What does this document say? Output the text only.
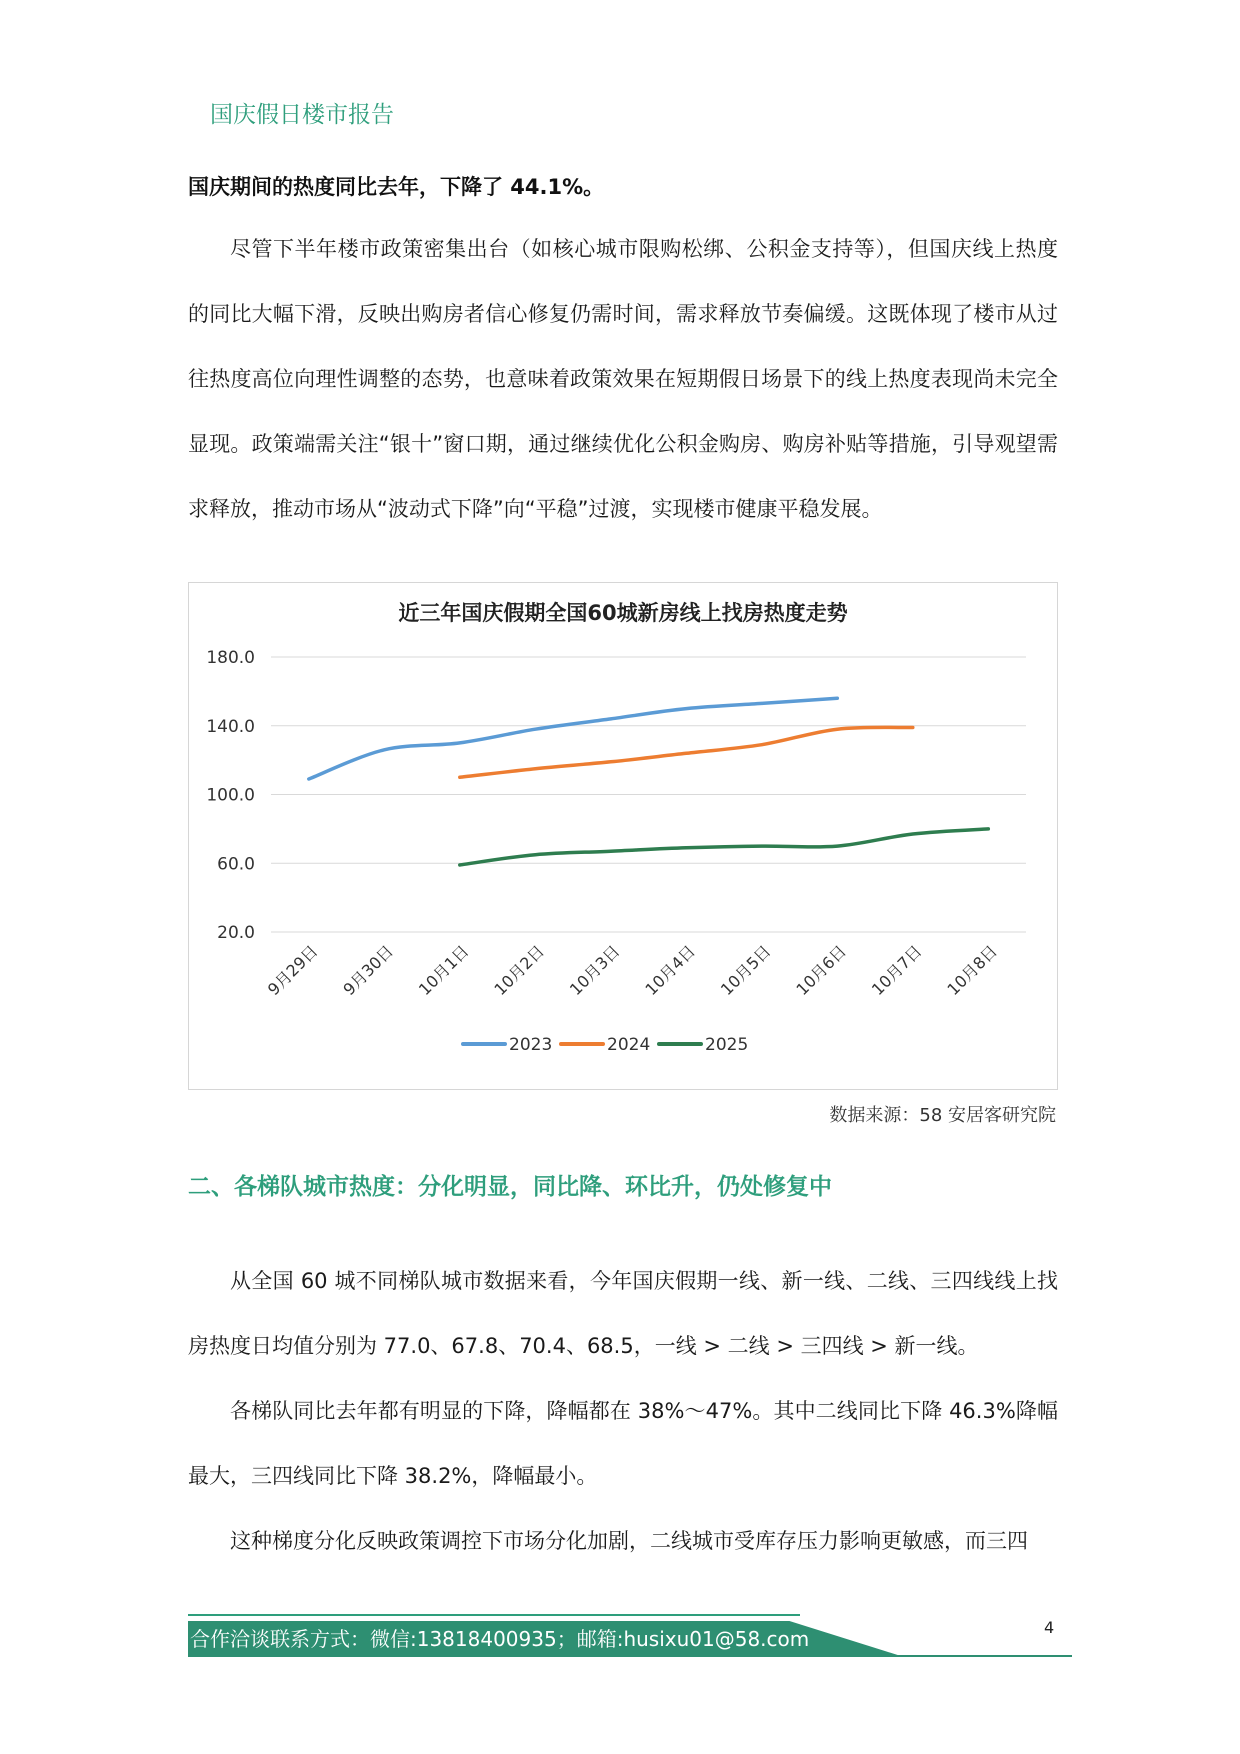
国庆假日楼市报告
国庆期间的热度同比去年，下降了 44.1%。

尽管下半年楼市政策密集出台（如核心城市限购松绑、公积金支持等），但国庆线上热度的同比大幅下滑，反映出购房者信心修复仍需时间，需求释放节奏偏缓。这既体现了楼市从过往热度高位向理性调整的态势，也意味着政策效果在短期假日场景下的线上热度表现尚未完全显现。政策端需关注“银十”窗口期，通过继续优化公积金购房、购房补贴等措施，引导观望需求释放，推动市场从“波动式下降”向“平稳”过渡，实现楼市健康平稳发展。

近三年国庆假期全国60城新房线上找房热度走势
180.0
140.0
100.0
60.0
20.0
9月29日 9月30日 10月1日 10月2日 10月3日 10月4日 10月5日 10月6日 10月7日 10月8日
2023	2024	2025
数据来源：58 安居客研究院
二、各梯队城市热度：分化明显，同比降、环比升，仍处修复中

从全国 60 城不同梯队城市数据来看，今年国庆假期一线、新一线、二线、三四线线上找房热度日均值分别为 77.0、67.8、70.4、68.5，一线 > 二线 > 三四线 > 新一线。

各梯队同比去年都有明显的下降，降幅都在 38%～47%。其中二线同比下降 46.3%降幅最大，三四线同比下降 38.2%，降幅最小。

这种梯度分化反映政策调控下市场分化加剧，二线城市受库存压力影响更敏感，而三四

合作洽谈联系方式：微信:13818400935；邮箱:husixu01@58.com	4
